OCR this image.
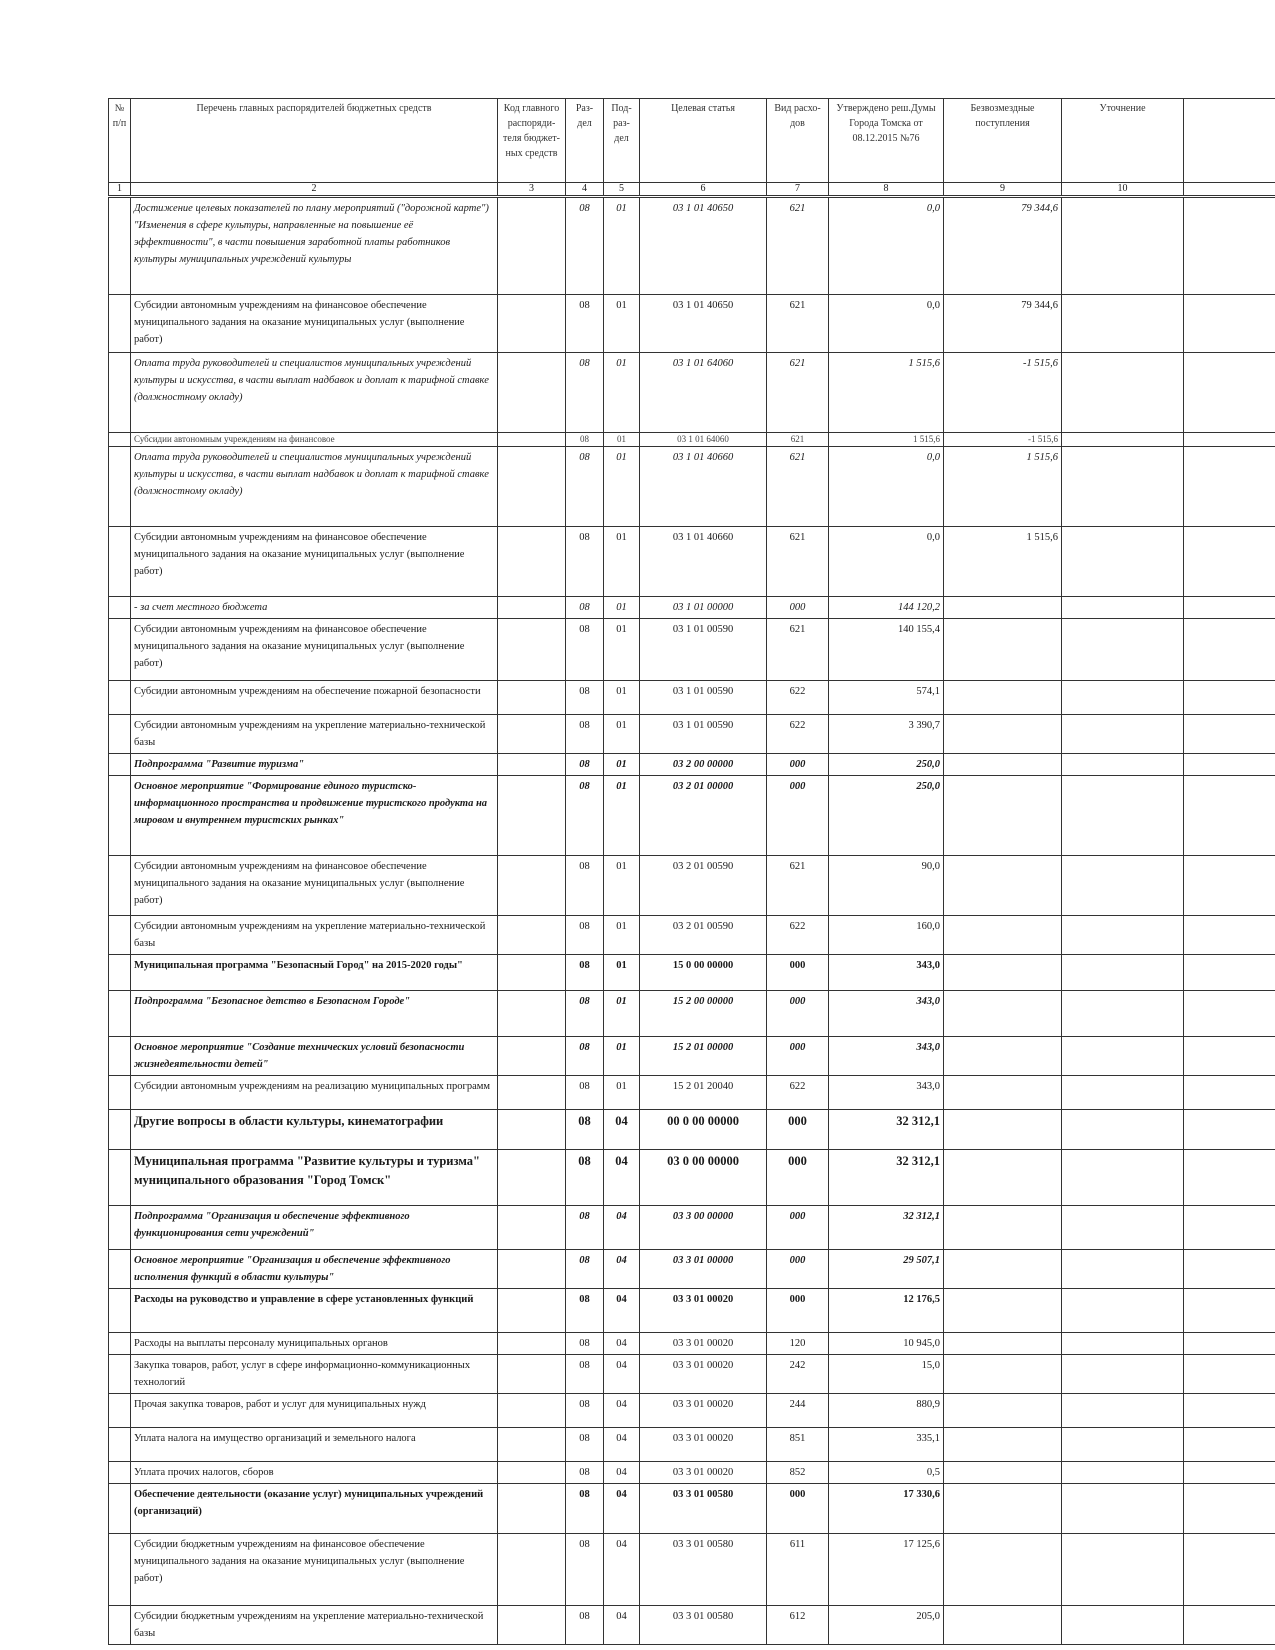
№ п/п	Перечень главных распорядителей бюджетных средств	Код главного распоряди-теля бюджет-ных средств	Раз-дел	Под-раз-дел	Целевая статья	Вид расхо-дов	Утверждено реш.Думы Города Томска от 08.12.2015 №76	Безвозмездные поступления	Уточнение	
1	2	3	4	5	6	7	8	9	10	
	Достижение целевых показателей по плану мероприятий ("дорожной карте") "Изменения в сфере культуры, направленные на повышение её эффективности", в части повышения заработной платы работников культуры муниципальных учреждений культуры		08	01	03 1 01 40650	621	0,0	79 344,6		
	Субсидии автономным учреждениям на финансовое обеспечение муниципального задания на оказание муниципальных услуг (выполнение работ)		08	01	03 1 01 40650	621	0,0	79 344,6		
	Оплата труда руководителей и специалистов муниципальных учреждений культуры и искусства, в части выплат надбавок и доплат к тарифной ставке (должностному окладу)		08	01	03 1 01 64060	621	1 515,6	-1 515,6		
	Субсидии автономным учреждениям на финансовое		08	01	03 1 01 64060	621	1 515,6	-1 515,6		
	Оплата труда руководителей и специалистов муниципальных учреждений культуры и искусства, в части выплат надбавок и доплат к тарифной ставке (должностному окладу)		08	01	03 1 01 40660	621	0,0	1 515,6		
	Субсидии автономным учреждениям на финансовое обеспечение муниципального задания на оказание муниципальных услуг (выполнение работ)		08	01	03 1 01 40660	621	0,0	1 515,6		
	- за счет местного бюджета		08	01	03 1 01 00000	000	144 120,2			
	Субсидии автономным учреждениям на финансовое обеспечение муниципального задания на оказание муниципальных услуг (выполнение работ)		08	01	03 1 01 00590	621	140 155,4			
	Субсидии автономным учреждениям на обеспечение пожарной безопасности		08	01	03 1 01 00590	622	574,1			
	Субсидии автономным учреждениям на укрепление материально-технической базы		08	01	03 1 01 00590	622	3 390,7			
	Подпрограмма "Развитие туризма"		08	01	03 2 00 00000	000	250,0			
	Основное мероприятие "Формирование единого туристско-информационного пространства и продвижение туристского продукта на мировом и внутреннем туристских рынках"		08	01	03 2 01 00000	000	250,0			
	Субсидии автономным учреждениям на финансовое обеспечение муниципального задания на оказание муниципальных услуг (выполнение работ)		08	01	03 2 01 00590	621	90,0			
	Субсидии автономным учреждениям на укрепление материально-технической базы		08	01	03 2 01 00590	622	160,0			
	Муниципальная программа "Безопасный Город" на 2015-2020 годы"		08	01	15 0 00 00000	000	343,0			
	Подпрограмма "Безопасное детство в Безопасном Городе"		08	01	15 2 00 00000	000	343,0			
	Основное мероприятие "Создание технических условий безопасности жизнедеятельности детей"		08	01	15 2 01 00000	000	343,0			
	Субсидии автономным учреждениям на реализацию муниципальных программ		08	01	15 2 01 20040	622	343,0			
	Другие вопросы в области культуры, кинематографии		08	04	00 0 00 00000	000	32 312,1			
	Муниципальная программа "Развитие культуры и туризма" муниципального образования "Город Томск"		08	04	03 0 00 00000	000	32 312,1			
	Подпрограмма "Организация и обеспечение эффективного функционирования сети учреждений"		08	04	03 3 00 00000	000	32 312,1			
	Основное мероприятие "Организация и обеспечение эффективного исполнения функций в области культуры"		08	04	03 3 01 00000	000	29 507,1			
	Расходы на руководство и управление в сфере установленных функций		08	04	03 3 01 00020	000	12 176,5			
	Расходы на выплаты персоналу муниципальных органов		08	04	03 3 01 00020	120	10 945,0			
	Закупка товаров, работ, услуг в сфере информационно-коммуникационных технологий		08	04	03 3 01 00020	242	15,0			
	Прочая закупка товаров, работ и услуг для муниципальных нужд		08	04	03 3 01 00020	244	880,9			
	Уплата налога на имущество организаций и земельного налога		08	04	03 3 01 00020	851	335,1			
	Уплата прочих налогов, сборов		08	04	03 3 01 00020	852	0,5			
	Обеспечение деятельности (оказание услуг) муниципальных учреждений (организаций)		08	04	03 3 01 00580	000	17 330,6			
	Субсидии бюджетным учреждениям на финансовое обеспечение муниципального задания на оказание муниципальных услуг (выполнение работ)		08	04	03 3 01 00580	611	17 125,6			
	Субсидии бюджетным учреждениям на укрепление материально-технической базы		08	04	03 3 01 00580	612	205,0			
